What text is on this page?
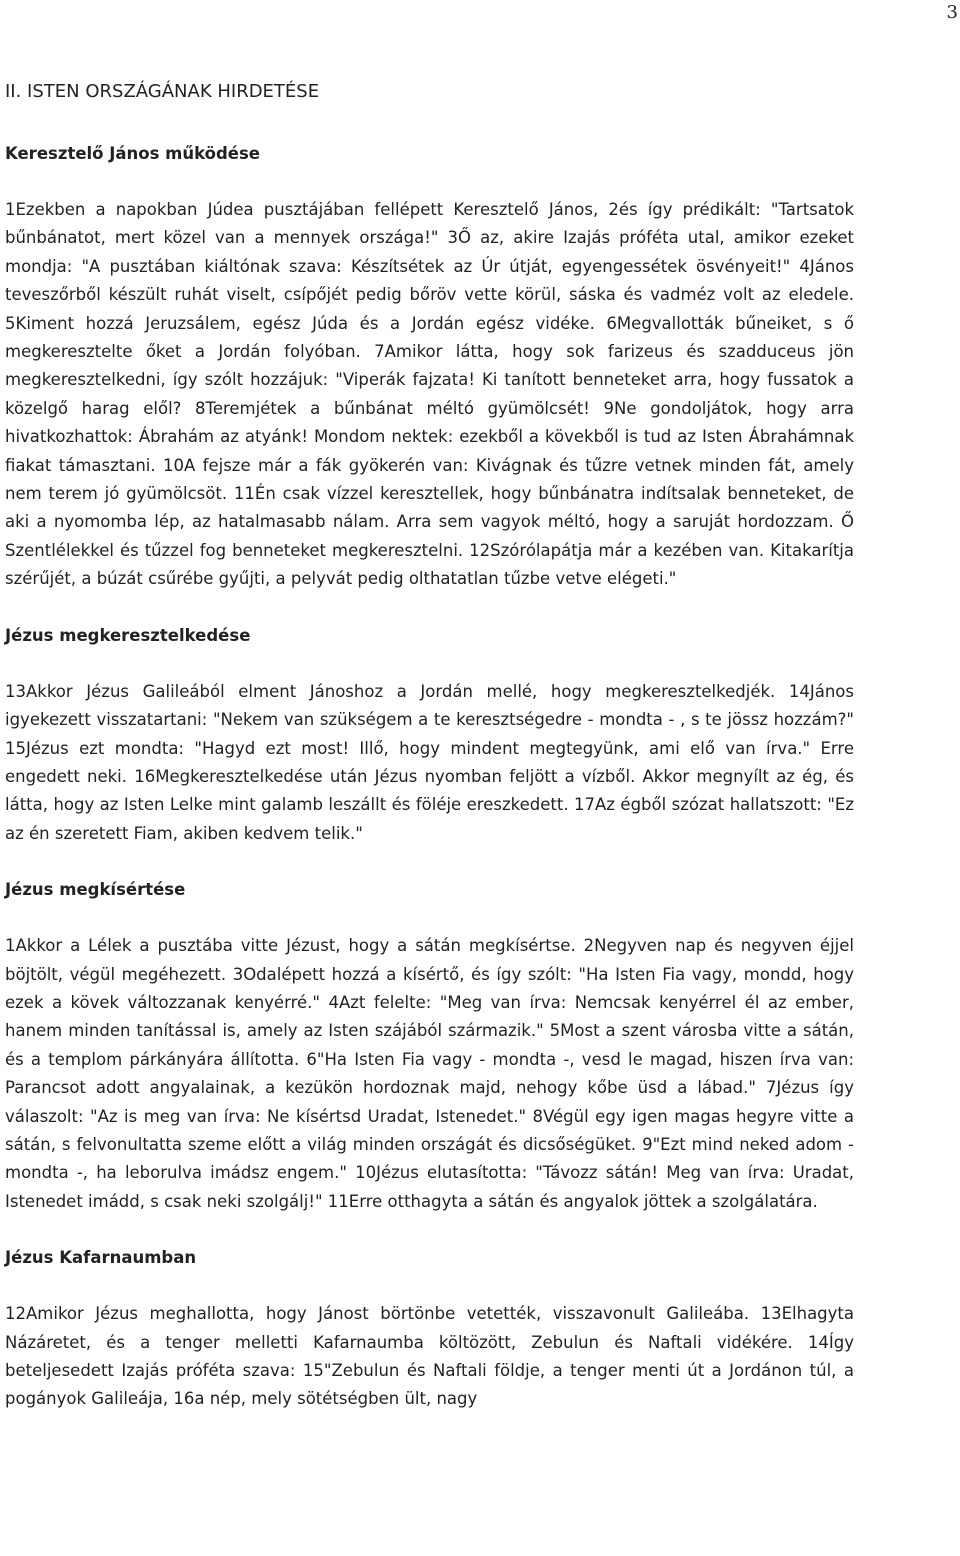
3
II. ISTEN ORSZÁGÁNAK HIRDETÉSE
Keresztelő János működése
1Ezekben a napokban Júdea pusztájában fellépett Keresztelő János, 2és így prédikált: "Tartsatok bűnbánatot, mert közel van a mennyek országa!" 3Ő az, akire Izajás próféta utal, amikor ezeket mondja: "A pusztában kiáltónak szava: Készítsétek az Úr útját, egyengessétek ösvényeit!" 4János teveszőrből készült ruhát viselt, csípőjét pedig bőröv vette körül, sáska és vadméz volt az eledele. 5Kiment hozzá Jeruzsálem, egész Júda és a Jordán egész vidéke. 6Megvallották bűneiket, s ő megkeresztelte őket a Jordán folyóban. 7Amikor látta, hogy sok farizeus és szadduceus jön megkeresztelkedni, így szólt hozzájuk: "Viperák fajzata! Ki tanított benneteket arra, hogy fussatok a közelgő harag elől? 8Teremjétek a bűnbánat méltó gyümölcsét! 9Ne gondoljátok, hogy arra hivatkozhattok: Ábrahám az atyánk! Mondom nektek: ezekből a kövekből is tud az Isten Ábrahámnak fiakat támasztani. 10A fejsze már a fák gyökerén van: Kivágnak és tűzre vetnek minden fát, amely nem terem jó gyümölcsöt. 11Én csak vízzel keresztellek, hogy bűnbánatra indítsalak benneteket, de aki a nyomomba lép, az hatalmasabb nálam. Arra sem vagyok méltó, hogy a saruját hordozzam. Ő Szentlélekkel és tűzzel fog benneteket megkeresztelni. 12Szórólapátja már a kezében van. Kitakarítja szérűjét, a búzát csűrébe gyűjti, a pelyvát pedig olthatatlan tűzbe vetve elégeti."
Jézus megkeresztelkedése
13Akkor Jézus Galileából elment Jánoshoz a Jordán mellé, hogy megkeresztelkedjék. 14János igyekezett visszatartani: "Nekem van szükségem a te keresztségedre - mondta - , s te jössz hozzám?" 15Jézus ezt mondta: "Hagyd ezt most! Illő, hogy mindent megtegyünk, ami elő van írva." Erre engedett neki. 16Megkeresztelkedése után Jézus nyomban feljött a vízből. Akkor megnyílt az ég, és látta, hogy az Isten Lelke mint galamb leszállt és föléje ereszkedett. 17Az égből szózat hallatszott: "Ez az én szeretett Fiam, akiben kedvem telik."
Jézus megkísértése
1Akkor a Lélek a pusztába vitte Jézust, hogy a sátán megkísértse. 2Negyven nap és negyven éjjel böjtölt, végül megéhezett. 3Odalépett hozzá a kísértő, és így szólt: "Ha Isten Fia vagy, mondd, hogy ezek a kövek változzanak kenyérré." 4Azt felelte: "Meg van írva: Nemcsak kenyérrel él az ember, hanem minden tanítással is, amely az Isten szájából származik." 5Most a szent városba vitte a sátán, és a templom párkányára állította. 6"Ha Isten Fia vagy - mondta -, vesd le magad, hiszen írva van: Parancsot adott angyalainak, a kezükön hordoznak majd, nehogy kőbe üsd a lábad." 7Jézus így válaszolt: "Az is meg van írva: Ne kísértsd Uradat, Istenedet." 8Végül egy igen magas hegyre vitte a sátán, s felvonultatta szeme előtt a világ minden országát és dicsőségüket. 9"Ezt mind neked adom - mondta -, ha leborulva imádsz engem." 10Jézus elutasította: "Távozz sátán! Meg van írva: Uradat, Istenedet imádd, s csak neki szolgálj!" 11Erre otthagyta a sátán és angyalok jöttek a szolgálatára.
Jézus Kafarnaumban
12Amikor Jézus meghallotta, hogy Jánost börtönbe vetették, visszavonult Galileába. 13Elhagyta Názáretet, és a tenger melletti Kafarnaumba költözött, Zebulun és Naftali vidékére. 14Így beteljesedett Izajás próféta szava: 15"Zebulun és Naftali földje, a tenger menti út a Jordánon túl, a pogányok Galileája, 16a nép, mely sötétségben ült, nagy
